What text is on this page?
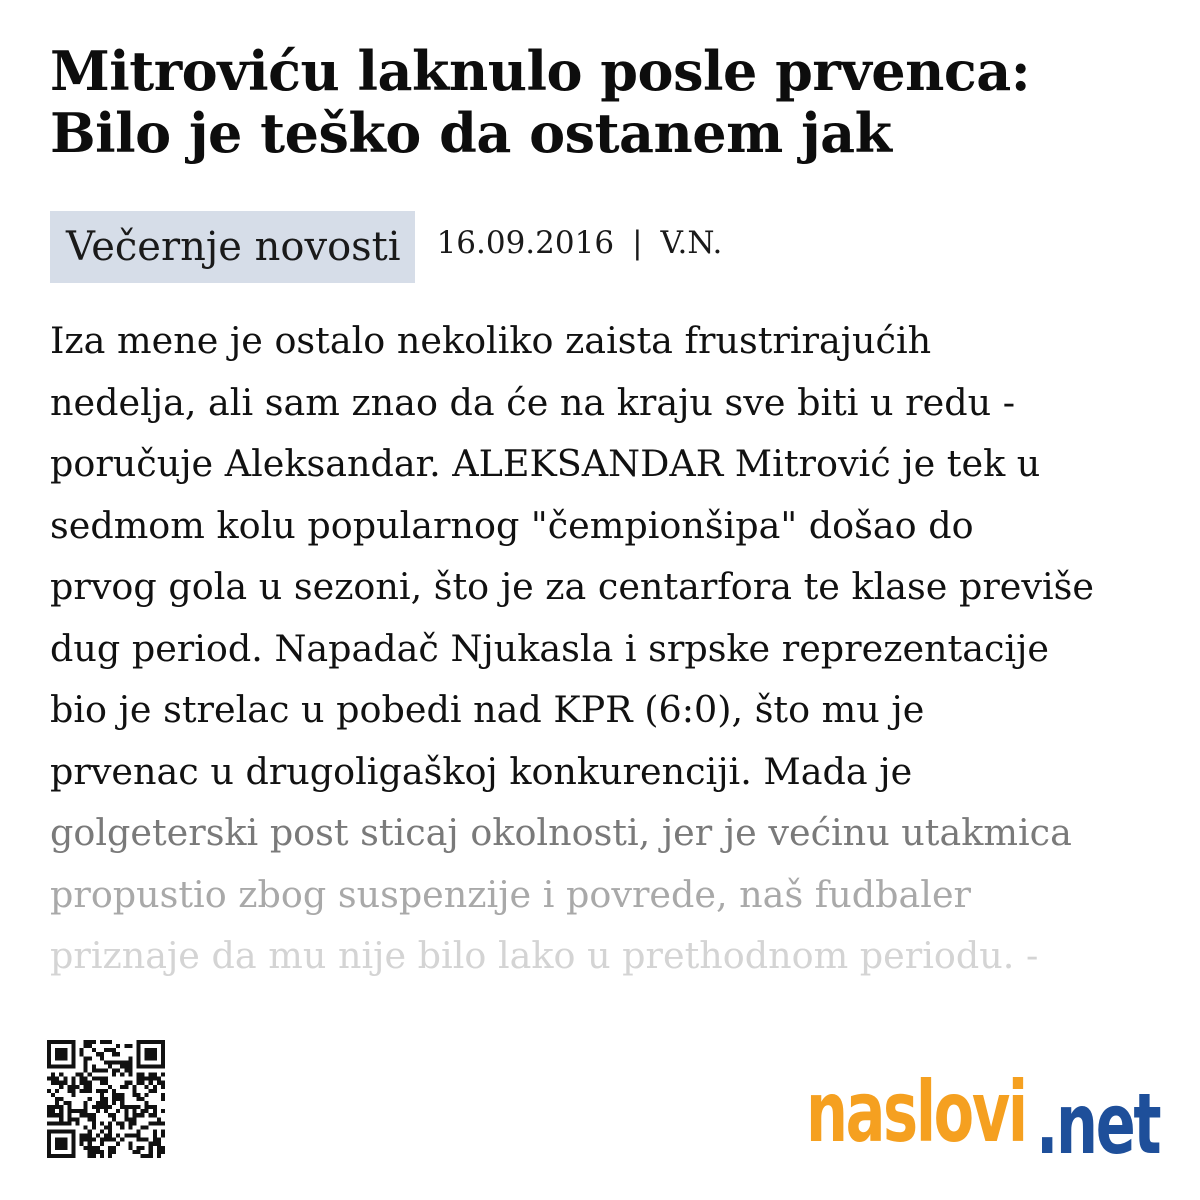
Mitroviću laknulo posle prvenca:
Bilo je teško da ostanem jak
Večernje novosti	16.09.2016 | V.N.
Iza mene je ostalo nekoliko zaista frustrirajućih
nedelja, ali sam znao da će na kraju sve biti u redu -
poručuje Aleksandar. ALEKSANDAR Mitrović je tek u
sedmom kolu popularnog "čempionšipa" došao do
prvog gola u sezoni, što je za centarfora te klase previše
dug period. Napadač Njukasla i srpske reprezentacije
bio je strelac u pobedi nad KPR (6:0), što mu je
prvenac u drugoligaškoj konkurenciji. Mada je
golgeterski post sticaj okolnosti, jer je većinu utakmica
propustio zbog suspenzije i povrede, naš fudbaler
priznaje da mu nije bilo lako u prethodnom periodu. -
naslovi .net
